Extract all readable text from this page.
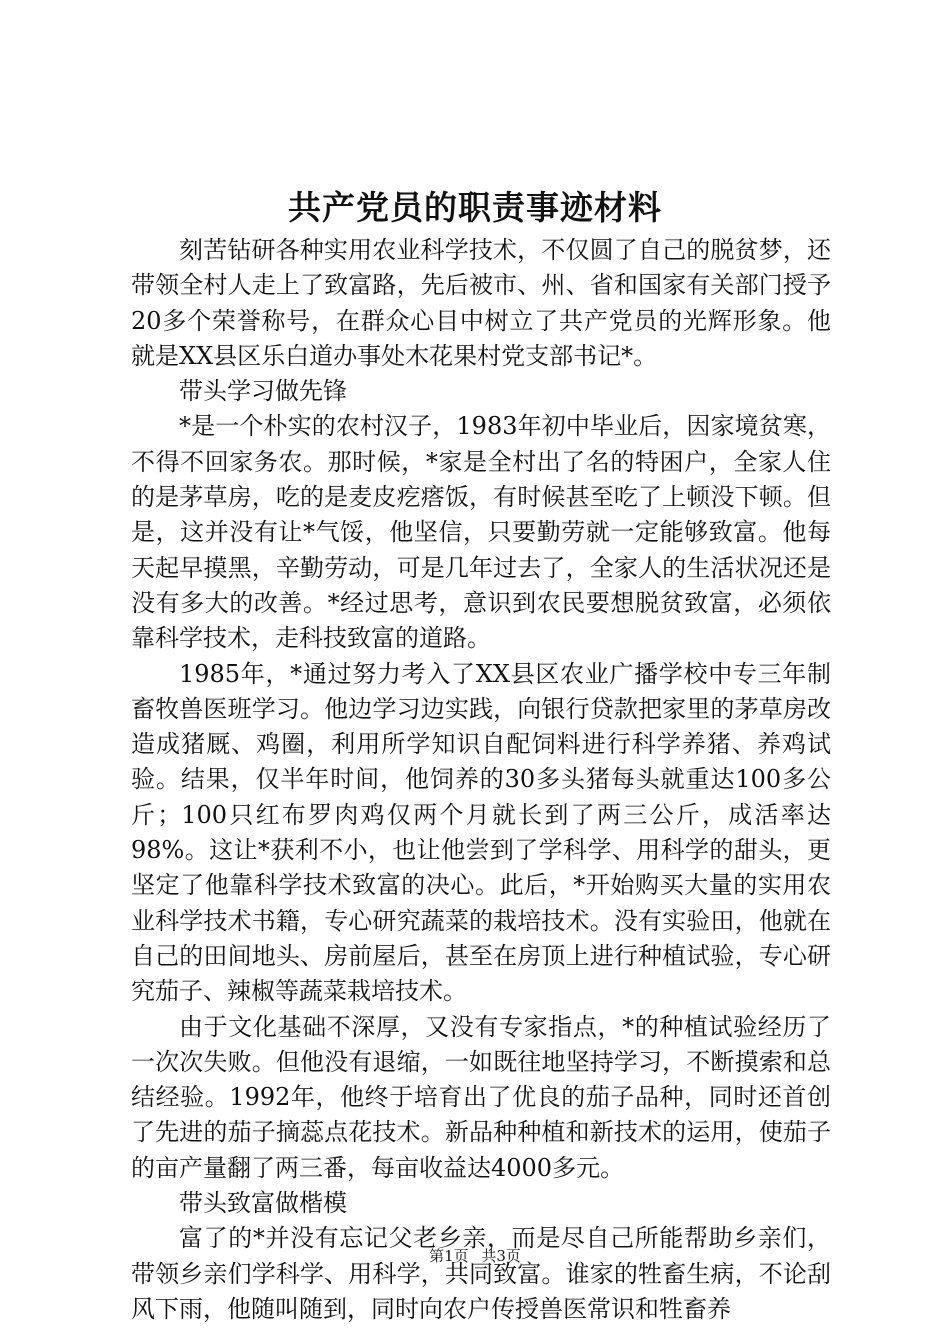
共产党员的职责事迹材料

刻苦钻研各种实用农业科学技术，不仅圆了自己的脱贫梦，还带领全村人走上了致富路，先后被市、州、省和国家有关部门授予20多个荣誉称号，在群众心目中树立了共产党员的光辉形象。他就是XX县区乐白道办事处木花果村党支部书记*。

带头学习做先锋

*是一个朴实的农村汉子，1983年初中毕业后，因家境贫寒，不得不回家务农。那时候，*家是全村出了名的特困户，全家人住的是茅草房，吃的是麦皮疙瘩饭，有时候甚至吃了上顿没下顿。但是，这并没有让*气馁，他坚信，只要勤劳就一定能够致富。他每天起早摸黑，辛勤劳动，可是几年过去了，全家人的生活状况还是没有多大的改善。*经过思考，意识到农民要想脱贫致富，必须依靠科学技术，走科技致富的道路。

1985年，*通过努力考入了XX县区农业广播学校中专三年制畜牧兽医班学习。他边学习边实践，向银行贷款把家里的茅草房改造成猪厩、鸡圈，利用所学知识自配饲料进行科学养猪、养鸡试验。结果，仅半年时间，他饲养的30多头猪每头就重达100多公斤；100只红布罗肉鸡仅两个月就长到了两三公斤，成活率达98%。这让*获利不小，也让他尝到了学科学、用科学的甜头，更坚定了他靠科学技术致富的决心。此后，*开始购买大量的实用农业科学技术书籍，专心研究蔬菜的栽培技术。没有实验田，他就在自己的田间地头、房前屋后，甚至在房顶上进行种植试验，专心研究茄子、辣椒等蔬菜栽培技术。

由于文化基础不深厚，又没有专家指点，*的种植试验经历了一次次失败。但他没有退缩，一如既往地坚持学习，不断摸索和总结经验。1992年，他终于培育出了优良的茄子品种，同时还首创了先进的茄子摘蕊点花技术。新品种种植和新技术的运用，使茄子的亩产量翻了两三番，每亩收益达4000多元。

带头致富做楷模

富了的*并没有忘记父老乡亲，而是尽自己所能帮助乡亲们，带领乡亲们学科学、用科学，共同致富。谁家的牲畜生病，不论刮风下雨，他随叫随到，同时向农户传授兽医常识和牲畜养

第1页 共3页
